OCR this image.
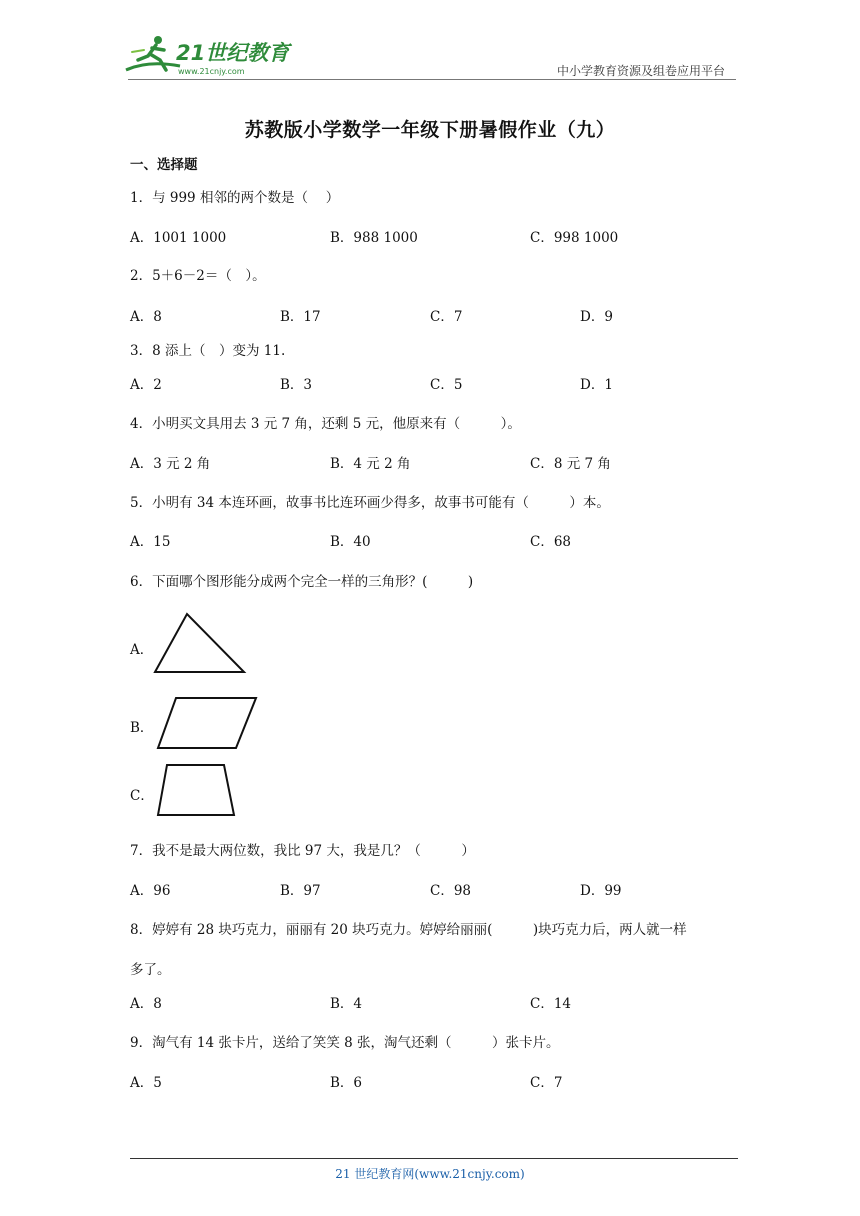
21世纪教育
www.21cnjy.com	中小学教育资源及组卷应用平台
苏教版小学数学一年级下册暑假作业（九）
一、选择题
1．与 999 相邻的两个数是（　 ）
A．1001 1000	B．988 1000	C．998 1000
2．5＋6－2＝（　）。
A．8	B．17	C．7	D．9
3．8 添上（　）变为 11.
A．2	B．3	C．5	D．1
4．小明买文具用去 3 元 7 角，还剩 5 元，他原来有（　　　）。
A．3 元 2 角	B．4 元 2 角	C．8 元 7 角
5．小明有 34 本连环画，故事书比连环画少得多，故事书可能有（　　　）本。
A．15	B．40	C．68
6．下面哪个图形能分成两个完全一样的三角形？(　　　)
A．
B．
C．
7．我不是最大两位数，我比 97 大，我是几？（　　　）
A．96	B．97	C．98	D．99
8．婷婷有 28 块巧克力，丽丽有 20 块巧克力。婷婷给丽丽(　　　)块巧克力后，两人就一样
多了。
A．8	B．4	C．14
9．淘气有 14 张卡片，送给了笑笑 8 张，淘气还剩（　　　）张卡片。
A．5	B．6	C．7
21 世纪教育网(www.21cnjy.com)
